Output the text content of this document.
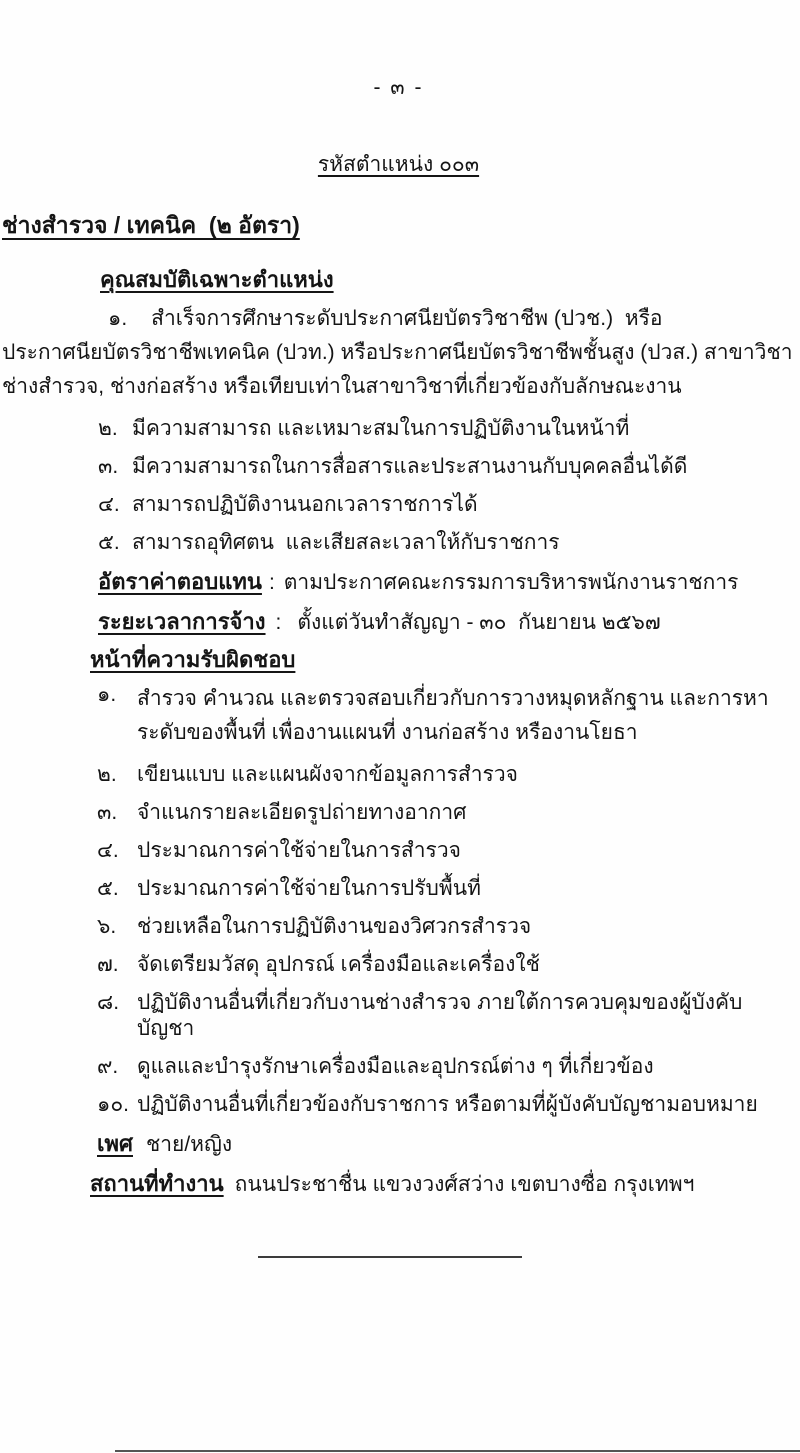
- ๓ -
รหัสตำแหน่ง ๐๐๓
ช่างสำรวจ / เทคนิค  (๒ อัตรา)
คุณสมบัติเฉพาะตำแหน่ง

๑. สำเร็จการศึกษาระดับประกาศนียบัตรวิชาชีพ (ปวช.)  หรือประกาศนียบัตรวิชาชีพเทคนิค (ปวท.) หรือประกาศนียบัตรวิชาชีพชั้นสูง (ปวส.) สาขาวิชาช่างสำรวจ, ช่างก่อสร้าง หรือเทียบเท่าในสาขาวิชาที่เกี่ยวข้องกับลักษณะงาน

๒. มีความสามารถ และเหมาะสมในการปฏิบัติงานในหน้าที่
๓. มีความสามารถในการสื่อสารและประสานงานกับบุคคลอื่นได้ดี
๔. สามารถปฏิบัติงานนอกเวลาราชการได้
๕. สามารถอุทิศตน  และเสียสละเวลาให้กับราชการ
อัตราค่าตอบแทน : ตามประกาศคณะกรรมการบริหารพนักงานราชการ
ระยะเวลาการจ้าง : ตั้งแต่วันทำสัญญา - ๓๐  กันยายน ๒๕๖๗
หน้าที่ความรับผิดชอบ
๑. สำรวจ คำนวณ และตรวจสอบเกี่ยวกับการวางหมุดหลักฐาน และการหาระดับของพื้นที่ เพื่องานแผนที่ งานก่อสร้าง หรืองานโยธา
๒. เขียนแบบ และแผนผังจากข้อมูลการสำรวจ
๓. จำแนกรายละเอียดรูปถ่ายทางอากาศ
๔. ประมาณการค่าใช้จ่ายในการสำรวจ
๕. ประมาณการค่าใช้จ่ายในการปรับพื้นที่
๖. ช่วยเหลือในการปฏิบัติงานของวิศวกรสำรวจ
๗. จัดเตรียมวัสดุ อุปกรณ์ เครื่องมือและเครื่องใช้
๘. ปฏิบัติงานอื่นที่เกี่ยวกับงานช่างสำรวจ ภายใต้การควบคุมของผู้บังคับบัญชา
๙. ดูแลและบำรุงรักษาเครื่องมือและอุปกรณ์ต่าง ๆ ที่เกี่ยวข้อง
๑๐. ปฏิบัติงานอื่นที่เกี่ยวข้องกับราชการ หรือตามที่ผู้บังคับบัญชามอบหมาย
เพศ ชาย/หญิง
สถานที่ทำงาน ถนนประชาชื่น แขวงวงศ์สว่าง เขตบางซื่อ กรุงเทพฯ
